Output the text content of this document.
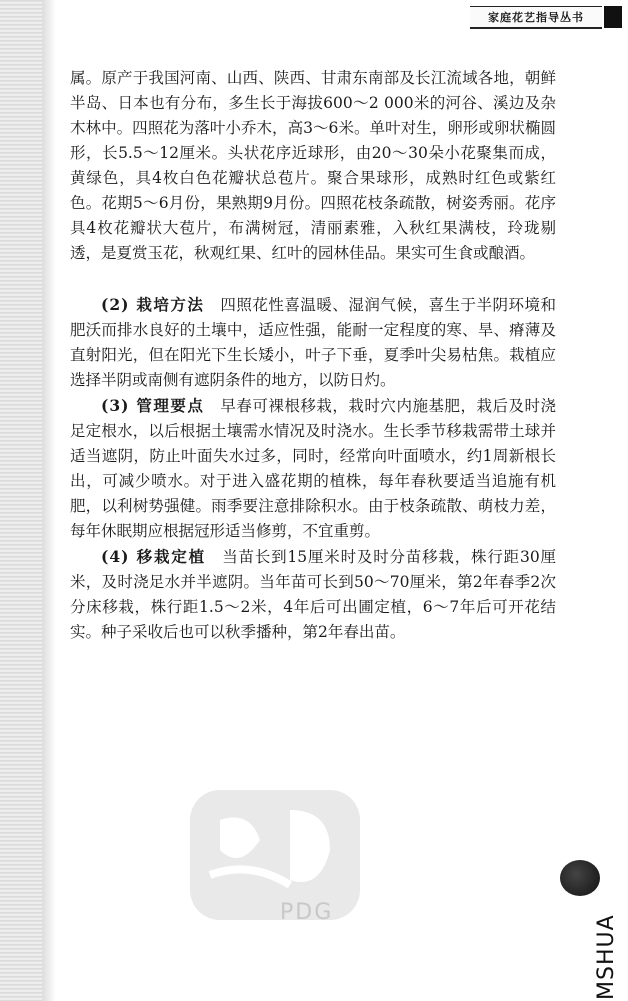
家庭花艺指导丛书

属。原产于我国河南、山西、陕西、甘肃东南部及长江流域各地，朝鲜半岛、日本也有分布，多生长于海拔600～2 000米的河谷、溪边及杂木林中。四照花为落叶小乔木，高3～6米。单叶对生，卵形或卵状椭圆形，长5.5～12厘米。头状花序近球形，由20～30朵小花聚集而成，黄绿色，具4枚白色花瓣状总苞片。聚合果球形，成熟时红色或紫红色。花期5～6月份，果熟期9月份。四照花枝条疏散，树姿秀丽。花序具4枚花瓣状大苞片，布满树冠，清丽素雅，入秋红果满枝，玲珑剔透，是夏赏玉花，秋观红果、红叶的园林佳品。果实可生食或酿酒。

(2) 栽培方法　 四照花性喜温暖、湿润气候，喜生于半阴环境和肥沃而排水良好的土壤中，适应性强，能耐一定程度的寒、旱、瘠薄及直射阳光，但在阳光下生长矮小，叶子下垂，夏季叶尖易枯焦。栽植应选择半阴或南侧有遮阴条件的地方，以防日灼。

(3) 管理要点　 早春可裸根移栽，栽时穴内施基肥，栽后及时浇足定根水，以后根据土壤需水情况及时浇水。生长季节移栽需带土球并适当遮阴，防止叶面失水过多，同时，经常向叶面喷水，约1周新根长出，可减少喷水。对于进入盛花期的植株，每年春秋要适当追施有机肥，以利树势强健。雨季要注意排除积水。由于枝条疏散、萌枝力差，每年休眠期应根据冠形适当修剪，不宜重剪。

(4) 移栽定植　 当苗长到15厘米时及时分苗移栽，株行距30厘米，及时浇足水并半遮阴。当年苗可长到50～70厘米，第2年春季2次分床移栽，株行距1.5～2米，4年后可出圃定植，6～7年后可开花结实。种子采收后也可以秋季播种，第2年春出苗。

PDG
MSHUA
